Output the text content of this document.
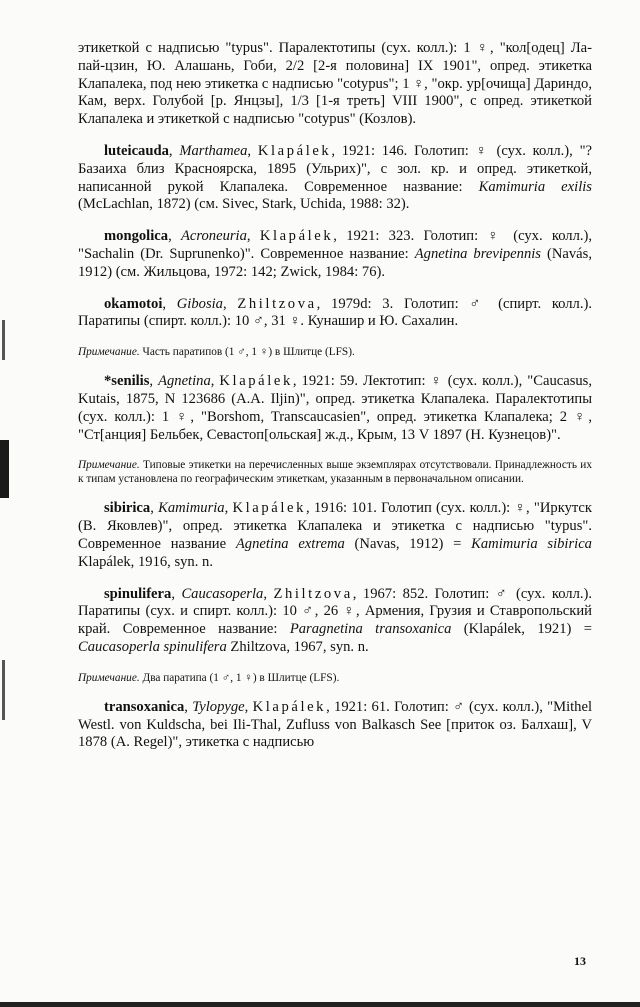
этикеткой с надписью "typus". Паралектотипы (сух. колл.): 1 ♀, "кол[одец] Ла-пай-цзин, Ю. Алашань, Гоби, 2/2 [2-я половина] IX 1901", опред. этикетка Клапалека, под нею этикетка с надписью "cotypus"; 1 ♀, "окр. ур[очища] Дариндо, Кам, верх. Голубой [р. Янцзы], 1/3 [1-я треть] VIII 1900", с опред. этикеткой Клапалека и этикеткой с надписью "cotypus" (Козлов).

luteicauda, Marthamea, Klapálek, 1921: 146. Голотип: ♀ (сух. колл.), "?Базаиха близ Красноярска, 1895 (Ульрих)", с зол. кр. и опред. этикеткой, написанной рукой Клапалека. Современное название: Kamimuria exilis (McLachlan, 1872) (см. Sivec, Stark, Uchida, 1988: 32).

mongolica, Acroneuria, Klapálek, 1921: 323. Голотип: ♀ (сух. колл.), "Sachalin (Dr. Suprunenko)". Современное название: Agnetina brevipennis (Navás, 1912) (см. Жильцова, 1972: 142; Zwick, 1984: 76).

okamotoi, Gibosia, Zhiltzova, 1979d: 3. Голотип: ♂ (спирт. колл.). Паратипы (спирт. колл.): 10 ♂, 31 ♀. Кунашир и Ю. Сахалин.

Примечание. Часть паратипов (1 ♂, 1 ♀) в Шлитце (LFS).

*senilis, Agnetina, Klapálek, 1921: 59. Лектотип: ♀ (сух. колл.), "Caucasus, Kutais, 1875, N 123686 (A.A. Iljin)", опред. этикетка Клапалека. Паралектотипы (сух. колл.): 1 ♀, "Borshom, Transcaucasien", опред. этикетка Клапалека; 2 ♀, "Ст[анция] Бельбек, Севастоп[ольская] ж.д., Крым, 13 V 1897 (Н. Кузнецов)".

Примечание. Типовые этикетки на перечисленных выше экземплярах отсутствовали. Принадлежность их к типам установлена по географическим этикеткам, указанным в первоначальном описании.

sibirica, Kamimuria, Klapálek, 1916: 101. Голотип (сух. колл.): ♀, "Иркутск (В. Яковлев)", опред. этикетка Клапалека и этикетка с надписью "typus". Современное название Agnetina extrema (Navas, 1912) = Kamimuria sibirica Klapálek, 1916, syn. n.

spinulifera, Caucasoperla, Zhiltzova, 1967: 852. Голотип: ♂ (сух. колл.). Паратипы (сух. и спирт. колл.): 10 ♂, 26 ♀, Армения, Грузия и Ставропольский край. Современное название: Paragnetina transoxanica (Klapálek, 1921) = Caucasoperla spinulifera Zhiltzova, 1967, syn. n.

Примечание. Два паратипа (1 ♂, 1 ♀) в Шлитце (LFS).

transoxanica, Tylopyge, Klapálek, 1921: 61. Голотип: ♂ (сух. колл.), "Mithel Westl. von Kuldscha, bei Ili-Thal, Zufluss von Balkasch See [приток оз. Балхаш], V 1878 (A. Regel)", этикетка с надписью

13
